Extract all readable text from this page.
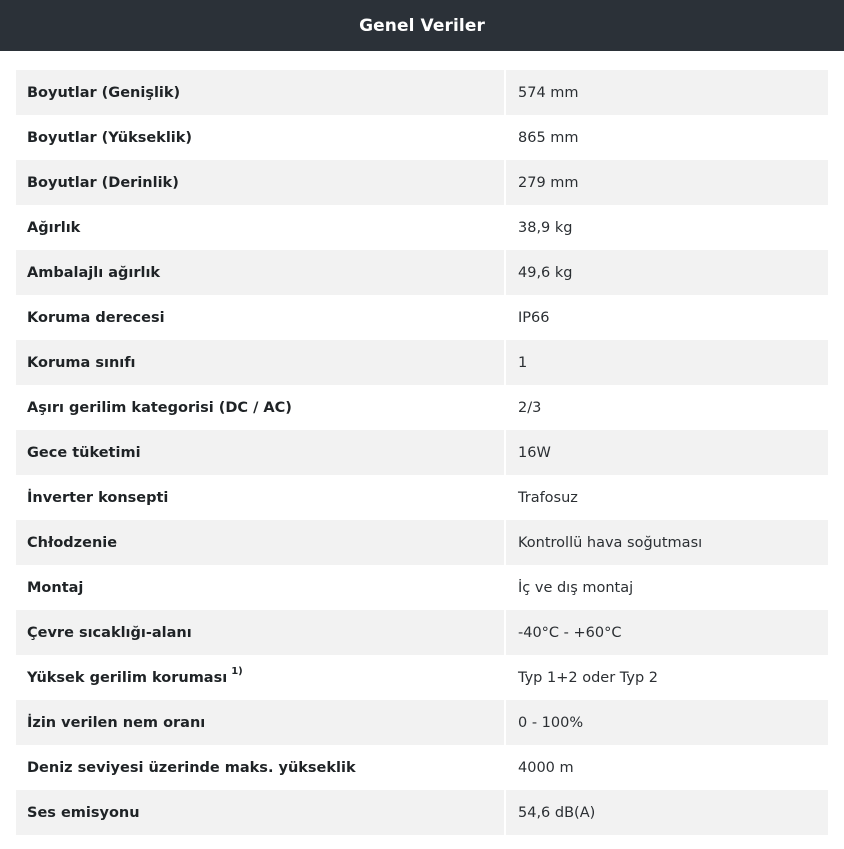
Genel Veriler
Boyutlar (Genişlik)	574 mm
Boyutlar (Yükseklik)	865 mm
Boyutlar (Derinlik)	279 mm
Ağırlık	38,9 kg
Ambalajlı ağırlık	49,6 kg
Koruma derecesi	IP66
Koruma sınıfı	1
Aşırı gerilim kategorisi (DC / AC)	2/3
Gece tüketimi	16W
İnverter konsepti	Trafosuz
Chłodzenie	Kontrollü hava soğutması
Montaj	İç ve dış montaj
Çevre sıcaklığı-alanı	-40°C - +60°C
Yüksek gerilim koruması 1)	Typ 1+2 oder Typ 2
İzin verilen nem oranı	0 - 100%
Deniz seviyesi üzerinde maks. yükseklik	4000 m
Ses emisyonu	54,6 dB(A)
